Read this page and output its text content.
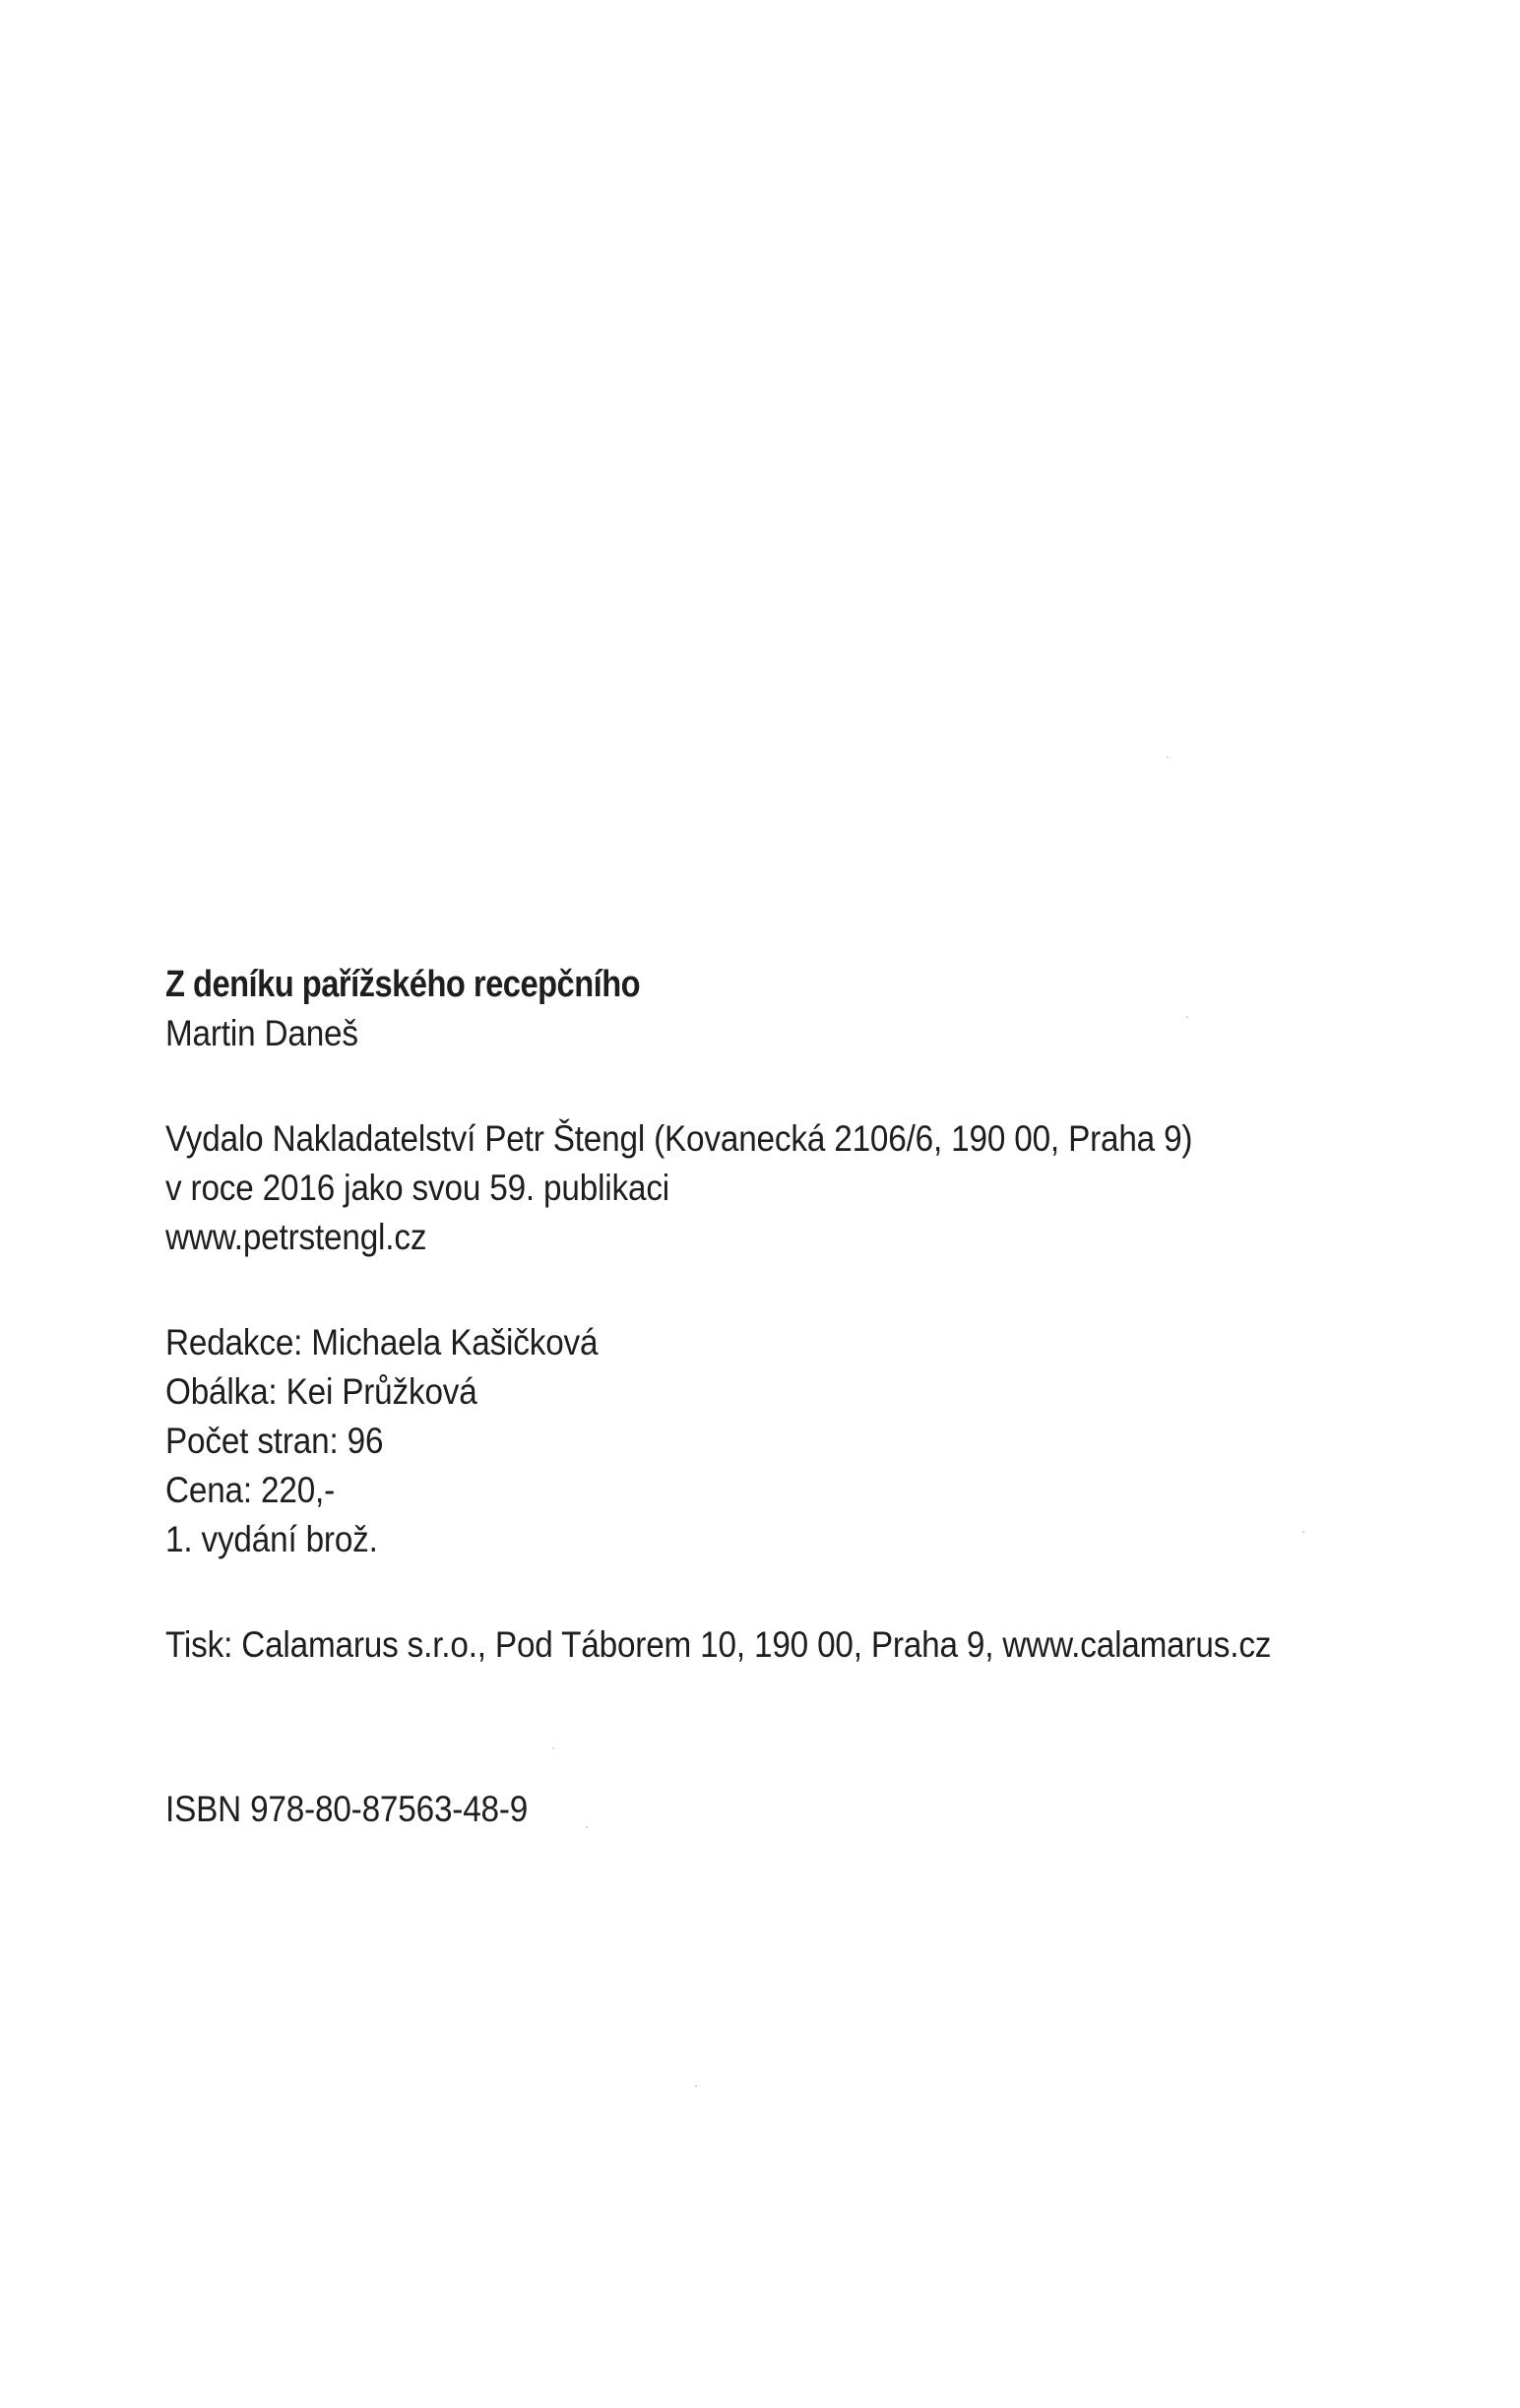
Z deníku pařížského recepčního
Martin Daneš
Vydalo Nakladatelství Petr Štengl (Kovanecká 2106/6, 190 00, Praha 9)
v roce 2016 jako svou 59. publikaci
www.petrstengl.cz
Redakce: Michaela Kašičková
Obálka: Kei Průžková
Počet stran: 96
Cena: 220,-
1. vydání brož.
Tisk: Calamarus s.r.o., Pod Táborem 10, 190 00, Praha 9, www.calamarus.cz
ISBN 978-80-87563-48-9
